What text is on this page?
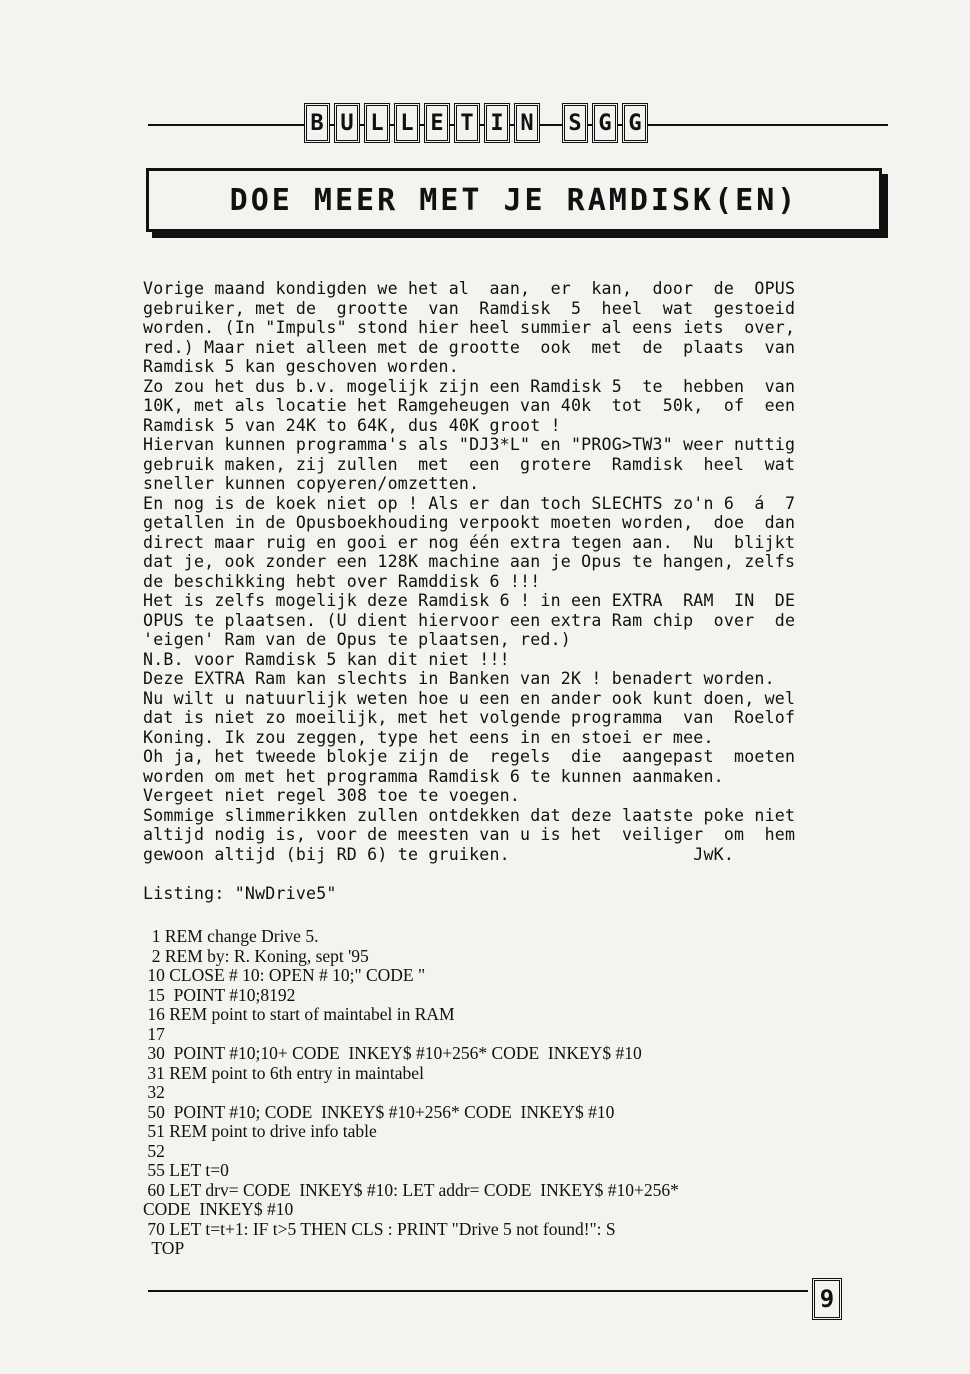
B U L L E T I N S G G
DOE MEER MET JE RAMDISK(EN)
Vorige maand kondigden we het al  aan,  er  kan,  door  de  OPUS
gebruiker, met de  grootte  van  Ramdisk  5  heel  wat  gestoeid
worden. (In "Impuls" stond hier heel summier al eens iets  over,
red.) Maar niet alleen met de grootte  ook  met  de  plaats  van
Ramdisk 5 kan geschoven worden.
Zo zou het dus b.v. mogelijk zijn een Ramdisk 5  te  hebben  van
10K, met als locatie het Ramgeheugen van 40k  tot  50k,  of  een
Ramdisk 5 van 24K to 64K, dus 40K groot !
Hiervan kunnen programma's als "DJ3*L" en "PROG>TW3" weer nuttig
gebruik maken, zij zullen  met  een  grotere  Ramdisk  heel  wat
sneller kunnen copyeren/omzetten.
En nog is de koek niet op ! Als er dan toch SLECHTS zo'n 6  á  7
getallen in de Opusboekhouding verpookt moeten worden,  doe  dan
direct maar ruig en gooi er nog één extra tegen aan.  Nu  blijkt
dat je, ook zonder een 128K machine aan je Opus te hangen, zelfs
de beschikking hebt over Ramddisk 6 !!!
Het is zelfs mogelijk deze Ramdisk 6 ! in een EXTRA  RAM  IN  DE
OPUS te plaatsen. (U dient hiervoor een extra Ram chip  over  de
'eigen' Ram van de Opus te plaatsen, red.)
N.B. voor Ramdisk 5 kan dit niet !!!
Deze EXTRA Ram kan slechts in Banken van 2K ! benadert worden.
Nu wilt u natuurlijk weten hoe u een en ander ook kunt doen, wel
dat is niet zo moeilijk, met het volgende programma  van  Roelof
Koning. Ik zou zeggen, type het eens in en stoei er mee.
Oh ja, het tweede blokje zijn de  regels  die  aangepast  moeten
worden om met het programma Ramdisk 6 te kunnen aanmaken.
Vergeet niet regel 308 toe te voegen.
Sommige slimmerikken zullen ontdekken dat deze laatste poke niet
altijd nodig is, voor de meesten van u is het  veiliger  om  hem
gewoon altijd (bij RD 6) te gruiken.                  JwK.

Listing: "NwDrive5"
1 REM change Drive 5.
2 REM by: R. Koning, sept '95
10 CLOSE # 10: OPEN # 10;" CODE "
15  POINT #10;8192
16 REM point to start of maintabel in RAM
17
30  POINT #10;10+ CODE  INKEY$ #10+256* CODE  INKEY$ #10
31 REM point to 6th entry in maintabel
32
50  POINT #10; CODE  INKEY$ #10+256* CODE  INKEY$ #10
51 REM point to drive info table
52
55 LET t=0
60 LET drv= CODE  INKEY$ #10: LET addr= CODE  INKEY$ #10+256*
CODE  INKEY$ #10
70 LET t=t+1: IF t>5 THEN CLS : PRINT "Drive 5 not found!": S
TOP
9
